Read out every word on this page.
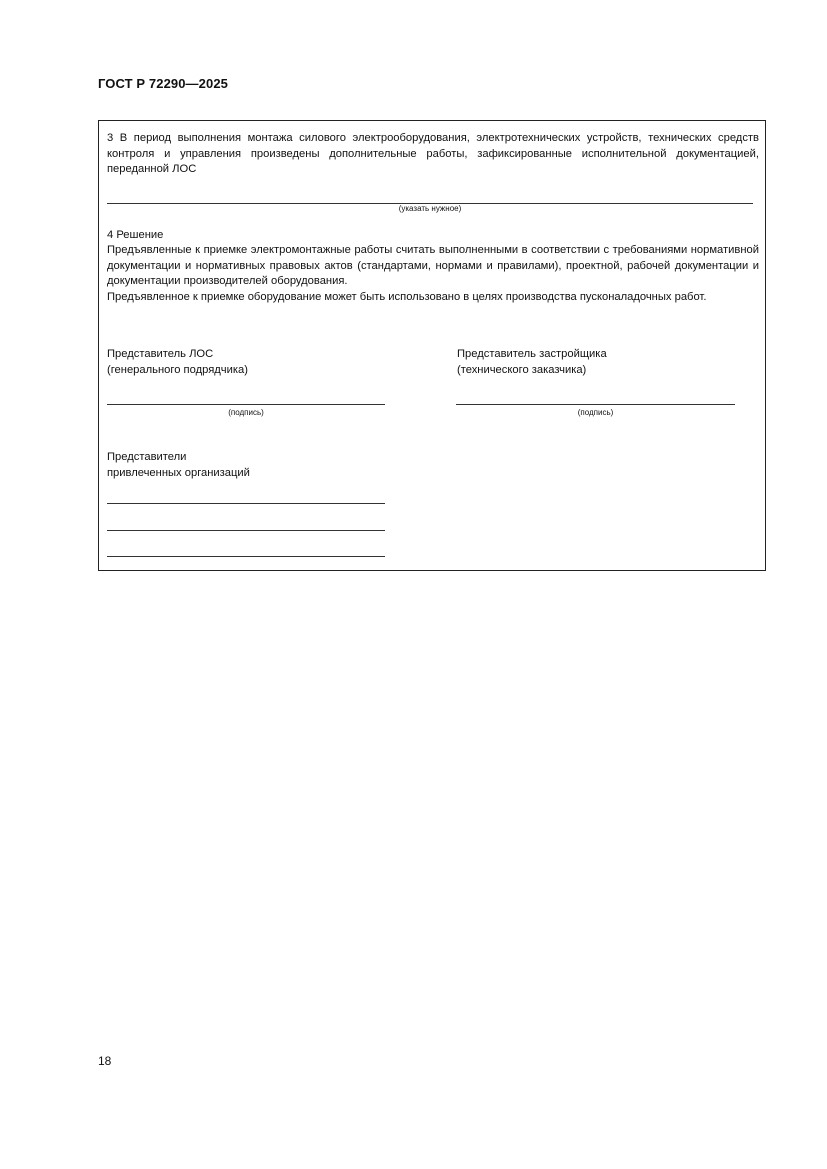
ГОСТ Р 72290—2025
3 В период выполнения монтажа силового электрооборудования, электротехнических устройств, технических средств контроля и управления произведены дополнительные работы, зафиксированные исполнительной документацией, переданной ЛОС
(указать нужное)
4 Решение
Предъявленные к приемке электромонтажные работы считать выполненными в соответствии с требованиями нормативной документации и нормативных правовых актов (стандартами, нормами и правилами), проектной, рабочей документации и документации производителей оборудования.
Предъявленное к приемке оборудование может быть использовано в целях производства пусконаладочных работ.
Представитель ЛОС
(генерального подрядчика)
Представитель застройщика
(технического заказчика)
(подпись)	(подпись)
Представители
привлеченных организаций
18
